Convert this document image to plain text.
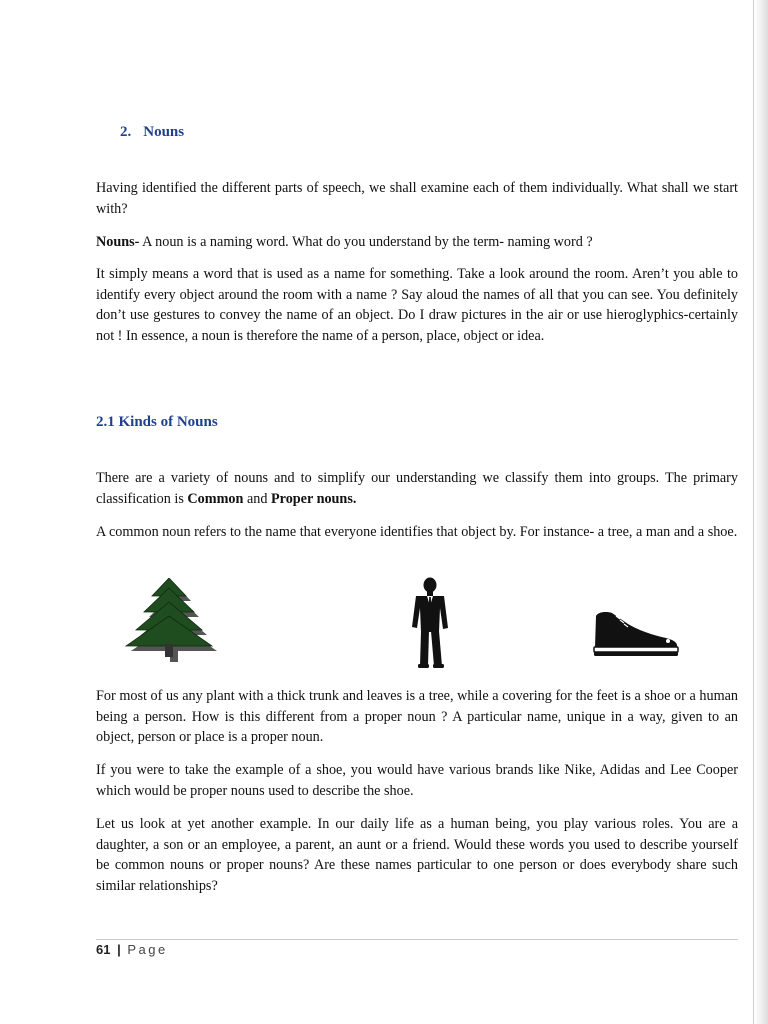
2. Nouns

Having identified the different parts of speech, we shall examine each of them individually. What shall we start with?

Nouns- A noun is a naming word. What do you understand by the term- naming word ?

It simply means a word that is used as a name for something. Take a look around the room. Aren’t you able to identify every object around the room with a name ? Say aloud the names of all that you can see. You definitely don’t use gestures to convey the name of an object. Do I draw pictures in the air or use hieroglyphics-certainly not ! In essence, a noun is therefore the name of a person, place, object or idea.

2.1 Kinds of Nouns

There are a variety of nouns and to simplify our understanding we classify them into groups. The primary classification is Common and Proper nouns.

A common noun refers to the name that everyone identifies that object by. For instance- a tree, a man and a shoe.

For most of us any plant with a thick trunk and leaves is a tree, while a covering for the feet is a shoe or a human being a person. How is this different from a proper noun ? A particular name, unique in a way, given to an object, person or place is a proper noun.

If you were to take the example of a shoe, you would have various brands like Nike, Adidas and Lee Cooper which would be proper nouns used to describe the shoe.

Let us look at yet another example. In our daily life as a human being, you play various roles. You are a daughter, a son or an employee, a parent, an aunt or a friend. Would these words you used to describe yourself be common nouns or proper nouns? Are these names particular to one person or does everybody share such similar relationships?

61 | Page
